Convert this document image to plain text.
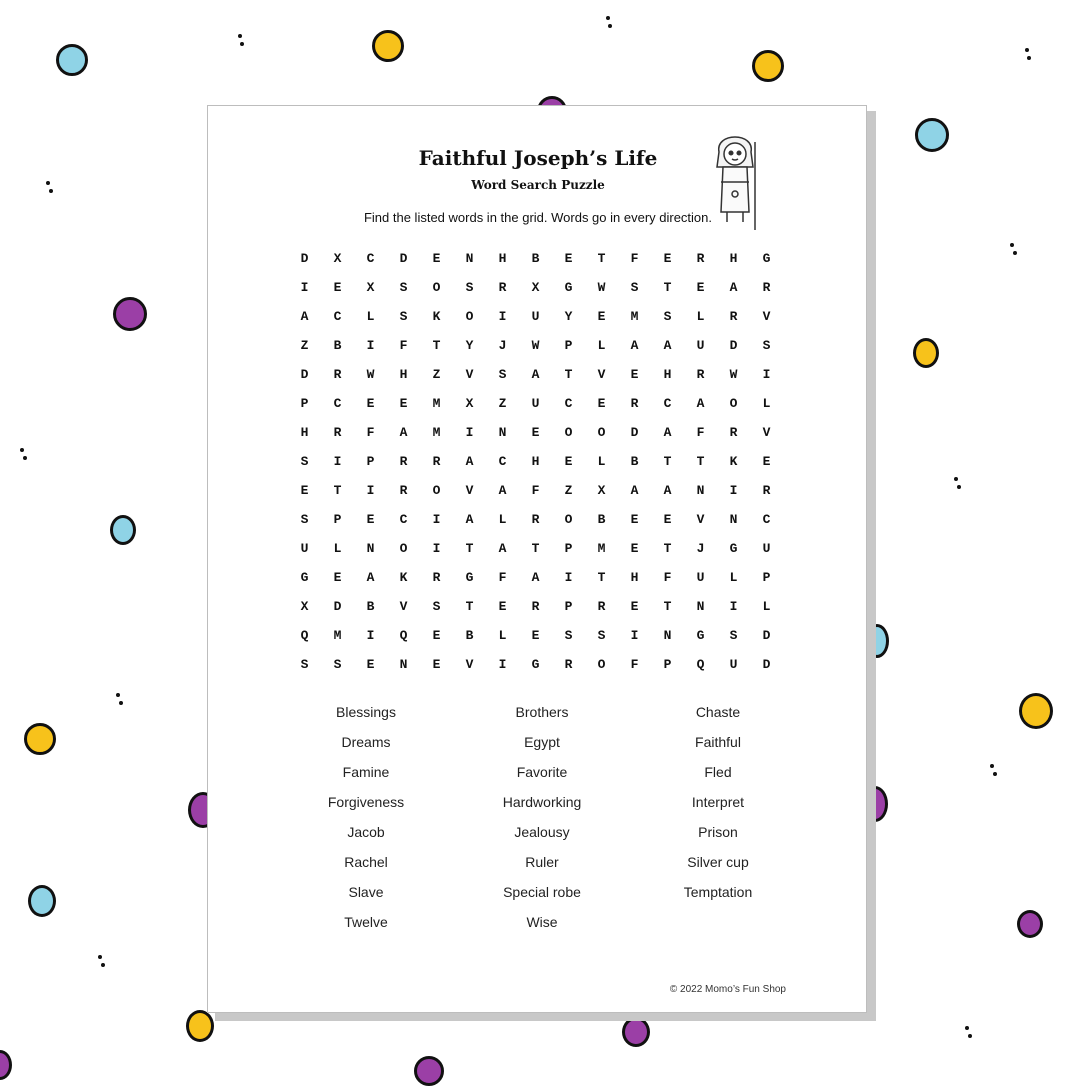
Faithful Joseph’s Life
Word Search Puzzle
Find the listed words in the grid. Words go in every direction.
D	X	C	D	E	N	H	B	E	T	F	E	R	H	G
I	E	X	S	O	S	R	X	G	W	S	T	E	A	R
A	C	L	S	K	O	I	U	Y	E	M	S	L	R	V
Z	B	I	F	T	Y	J	W	P	L	A	A	U	D	S
D	R	W	H	Z	V	S	A	T	V	E	H	R	W	I
P	C	E	E	M	X	Z	U	C	E	R	C	A	O	L
H	R	F	A	M	I	N	E	O	O	D	A	F	R	V
S	I	P	R	R	A	C	H	E	L	B	T	T	K	E
E	T	I	R	O	V	A	F	Z	X	A	A	N	I	R
S	P	E	C	I	A	L	R	O	B	E	E	V	N	C
U	L	N	O	I	T	A	T	P	M	E	T	J	G	U
G	E	A	K	R	G	F	A	I	T	H	F	U	L	P
X	D	B	V	S	T	E	R	P	R	E	T	N	I	L
Q	M	I	Q	E	B	L	E	S	S	I	N	G	S	D
S	S	E	N	E	V	I	G	R	O	F	P	Q	U	D
Blessings	Brothers	Chaste
Dreams	Egypt	Faithful
Famine	Favorite	Fled
Forgiveness	Hardworking	Interpret
Jacob	Jealousy	Prison
Rachel	Ruler	Silver cup
Slave	Special robe	Temptation
Twelve	Wise
© 2022 Momo’s Fun Shop
